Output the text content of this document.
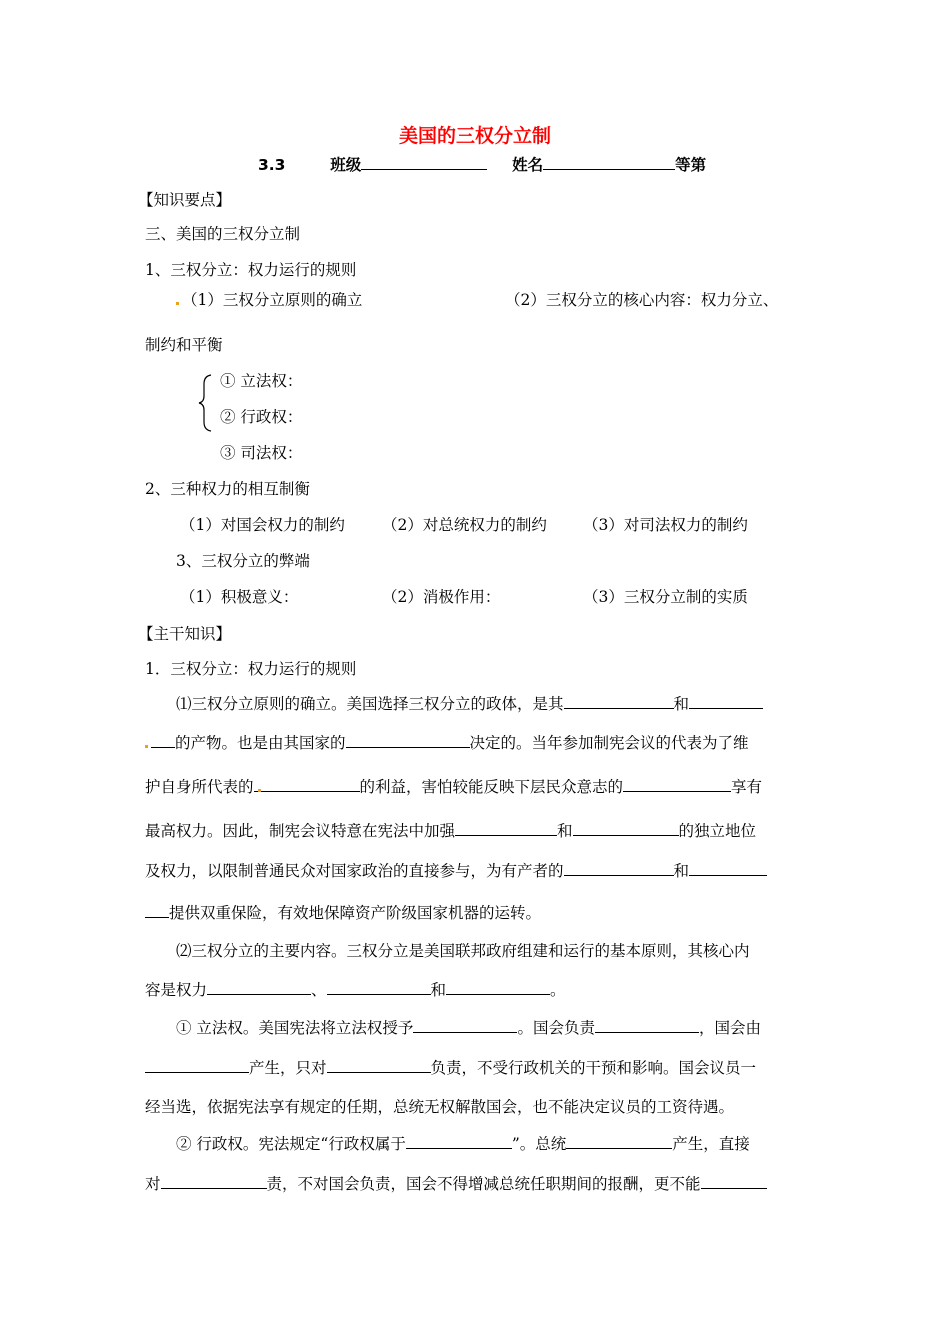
美国的三权分立制
3.3	班级	姓名	等第
【知识要点】
三、美国的三权分立制
1、三权分立：权力运行的规则
（1）三权分立原则的确立	（2）三权分立的核心内容：权力分立、
制约和平衡
① 立法权：
② 行政权：
③ 司法权：
2、三种权力的相互制衡
（1）对国会权力的制约 （2）对总统权力的制约 （3）对司法权力的制约
3、三权分立的弊端
（1）积极意义：	（2）消极作用：	（3）三权分立制的实质
【主干知识】
1．三权分立：权力运行的规则
⑴三权分立原则的确立。美国选择三权分立的政体，是其	和
的产物。也是由其国家的	决定的。当年参加制宪会议的代表为了维
护自身所代表的	的利益，害怕较能反映下层民众意志的	享有
最高权力。因此，制宪会议特意在宪法中加强	和	的独立地位
及权力，以限制普通民众对国家政治的直接参与，为有产者的	和
提供双重保险，有效地保障资产阶级国家机器的运转。
⑵三权分立的主要内容。三权分立是美国联邦政府组建和运行的基本原则，其核心内
容是权力	、	和	。
① 立法权。美国宪法将立法权授予	。国会负责	，国会由
产生，只对	负责，不受行政机关的干预和影响。国会议员一
经当选，依据宪法享有规定的任期，总统无权解散国会，也不能决定议员的工资待遇。
② 行政权。宪法规定“行政权属于	”。总统	产生，直接
对	责，不对国会负责，国会不得增减总统任职期间的报酬，更不能
